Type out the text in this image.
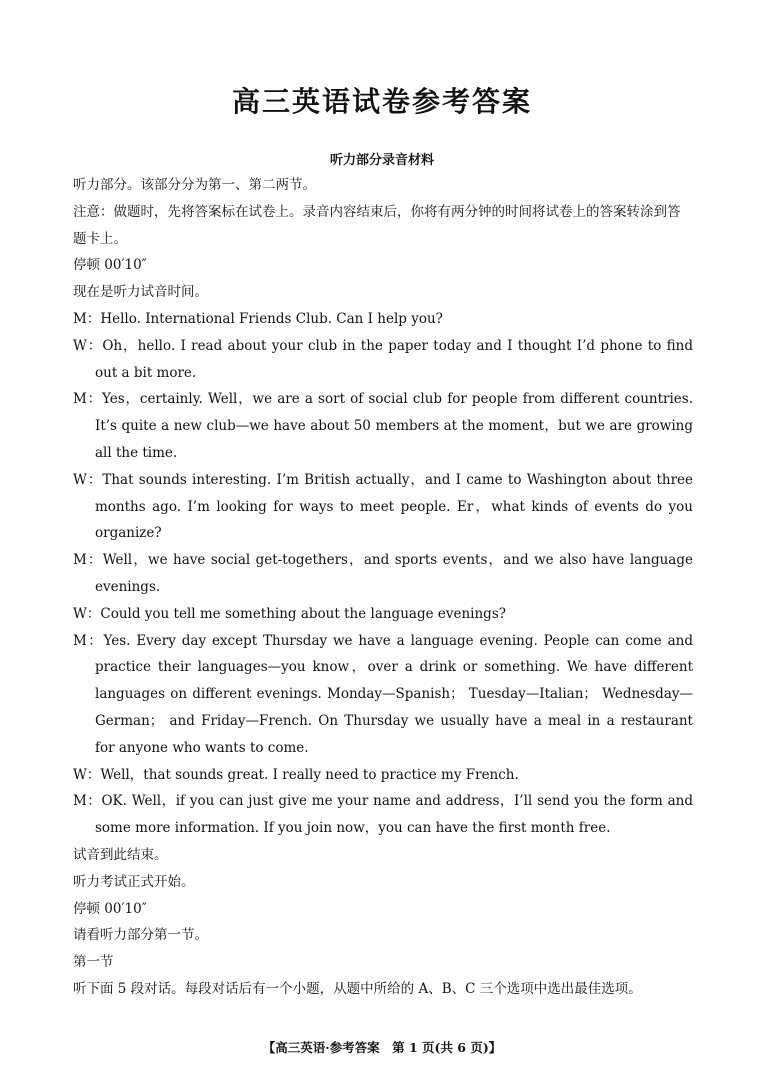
高三英语试卷参考答案
听力部分录音材料

听力部分。该部分分为第一、第二两节。

注意：做题时，先将答案标在试卷上。录音内容结束后，你将有两分钟的时间将试卷上的答案转涂到答题卡上。

停顿 00′10″

现在是听力试音时间。

M：Hello. International Friends Club. Can I help you?

W：Oh，hello. I read about your club in the paper today and I thought I’d phone to find out a bit more.

M：Yes，certainly. Well，we are a sort of social club for people from different countries. It’s quite a new club—we have about 50 members at the moment，but we are growing all the time.

W：That sounds interesting. I’m British actually，and I came to Washington about three months ago. I’m looking for ways to meet people. Er，what kinds of events do you organize?

M：Well，we have social get-togethers，and sports events，and we also have language evenings.

W：Could you tell me something about the language evenings?

M：Yes. Every day except Thursday we have a language evening. People can come and practice their languages—you know，over a drink or something. We have different languages on different evenings. Monday—Spanish； Tuesday—Italian； Wednesday—German； and Friday—French. On Thursday we usually have a meal in a restaurant for anyone who wants to come.

W：Well，that sounds great. I really need to practice my French.

M：OK. Well，if you can just give me your name and address，I’ll send you the form and some more information. If you join now，you can have the first month free.

试音到此结束。

听力考试正式开始。

停顿 00′10″

请看听力部分第一节。

第一节

听下面 5 段对话。每段对话后有一个小题，从题中所给的 A、B、C 三个选项中选出最佳选项。

【高三英语·参考答案　第 1 页(共 6 页)】
